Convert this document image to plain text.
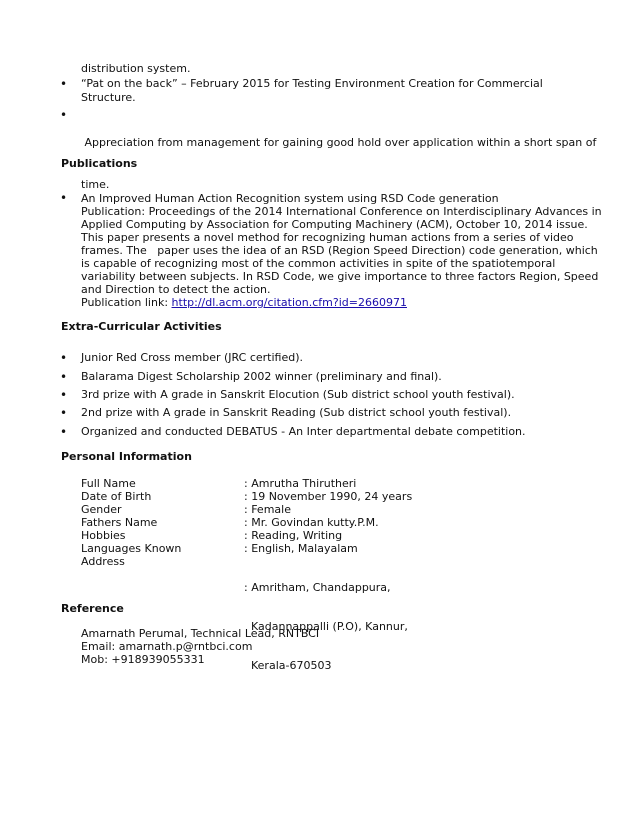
distribution system.
•	“Pat on the back” – February 2015 for Testing Environment Creation for Commercial
Structure.
•

Appreciation from management for gaining good hold over application within a short span of

time.

Publications
•	An Improved Human Action Recognition system using RSD Code generation
Publication: Proceedings of the 2014 International Conference on Interdisciplinary Advances in
Applied Computing by Association for Computing Machinery (ACM), October 10, 2014 issue.
This paper presents a novel method for recognizing human actions from a series of video
frames. The   paper uses the idea of an RSD (Region Speed Direction) code generation, which
is capable of recognizing most of the common activities in spite of the spatiotemporal
variability between subjects. In RSD Code, we give importance to three factors Region, Speed
and Direction to detect the action.
Publication link: http://dl.acm.org/citation.cfm?id=2660971
Extra-Curricular Activities
•	Junior Red Cross member (JRC certified).
•	Balarama Digest Scholarship 2002 winner (preliminary and final).
•	3rd prize with A grade in Sanskrit Elocution (Sub district school youth festival).
•	2nd prize with A grade in Sanskrit Reading (Sub district school youth festival).
•	Organized and conducted DEBATUS - An Inter departmental debate competition.
Personal Information
Full Name	: Amrutha Thirutheri
Date of Birth	: 19 November 1990, 24 years
Gender	: Female
Fathers Name	: Mr. Govindan kutty.P.M.
Hobbies	: Reading, Writing
Languages Known	: English, Malayalam
Address

: Amritham, Chandappura,

Kadannappalli (P.O), Kannur,

Kerala-670503

Reference
Amarnath Perumal, Technical Lead, RNTBCI
Email: amarnath.p@rntbci.com
Mob: +918939055331
